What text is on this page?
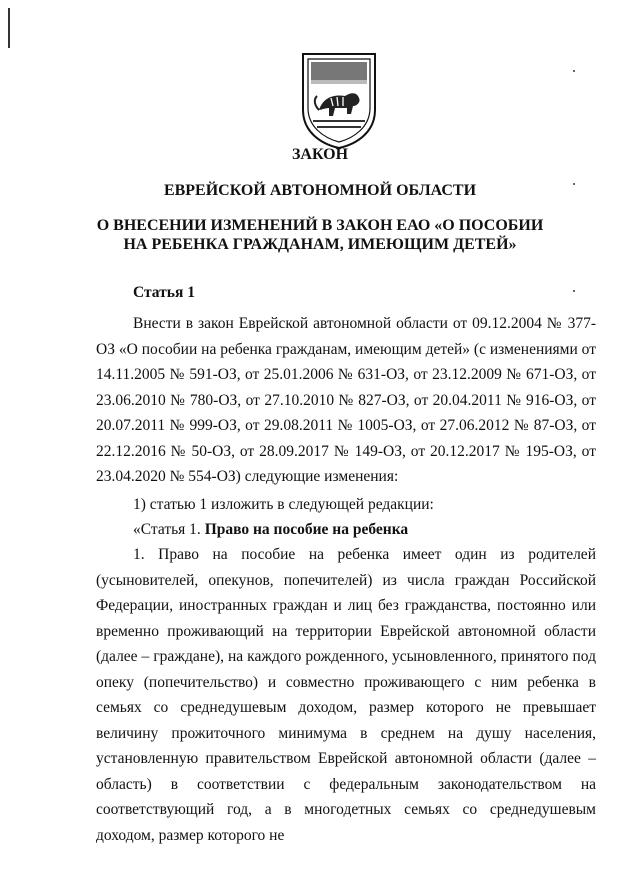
ЗАКОН
ЕВРЕЙСКОЙ АВТОНОМНОЙ ОБЛАСТИ
О ВНЕСЕНИИ ИЗМЕНЕНИЙ В ЗАКОН ЕАО «О ПОСОБИИ
НА РЕБЕНКА ГРАЖДАНАМ, ИМЕЮЩИМ ДЕТЕЙ»
Статья 1
Внести в закон Еврейской автономной области от 09.12.2004 № 377-ОЗ «О пособии на ребенка гражданам, имеющим детей» (с изменениями от 14.11.2005 № 591-ОЗ, от 25.01.2006 № 631-ОЗ, от 23.12.2009 № 671-ОЗ, от 23.06.2010 № 780-ОЗ, от 27.10.2010 № 827-ОЗ, от 20.04.2011 № 916-ОЗ, от 20.07.2011 № 999-ОЗ, от 29.08.2011 № 1005-ОЗ, от 27.06.2012 № 87-ОЗ, от 22.12.2016 № 50-ОЗ, от 28.09.2017 № 149-ОЗ, от 20.12.2017 № 195-ОЗ, от 23.04.2020 № 554-ОЗ) следующие изменения:
1) статью 1 изложить в следующей редакции:
«Статья 1. Право на пособие на ребенка
1. Право на пособие на ребенка имеет один из родителей (усыновителей, опекунов, попечителей) из числа граждан Российской Федерации, иностранных граждан и лиц без гражданства, постоянно или временно проживающий на территории Еврейской автономной области (далее – граждане), на каждого рожденного, усыновленного, принятого под опеку (попечительство) и совместно проживающего с ним ребенка в семьях со среднедушевым доходом, размер которого не превышает величину прожиточного минимума в среднем на душу населения, установленную правительством Еврейской автономной области (далее – область) в соответствии с федеральным законодательством на соответствующий год, а в многодетных семьях со среднедушевым доходом, размер которого не
